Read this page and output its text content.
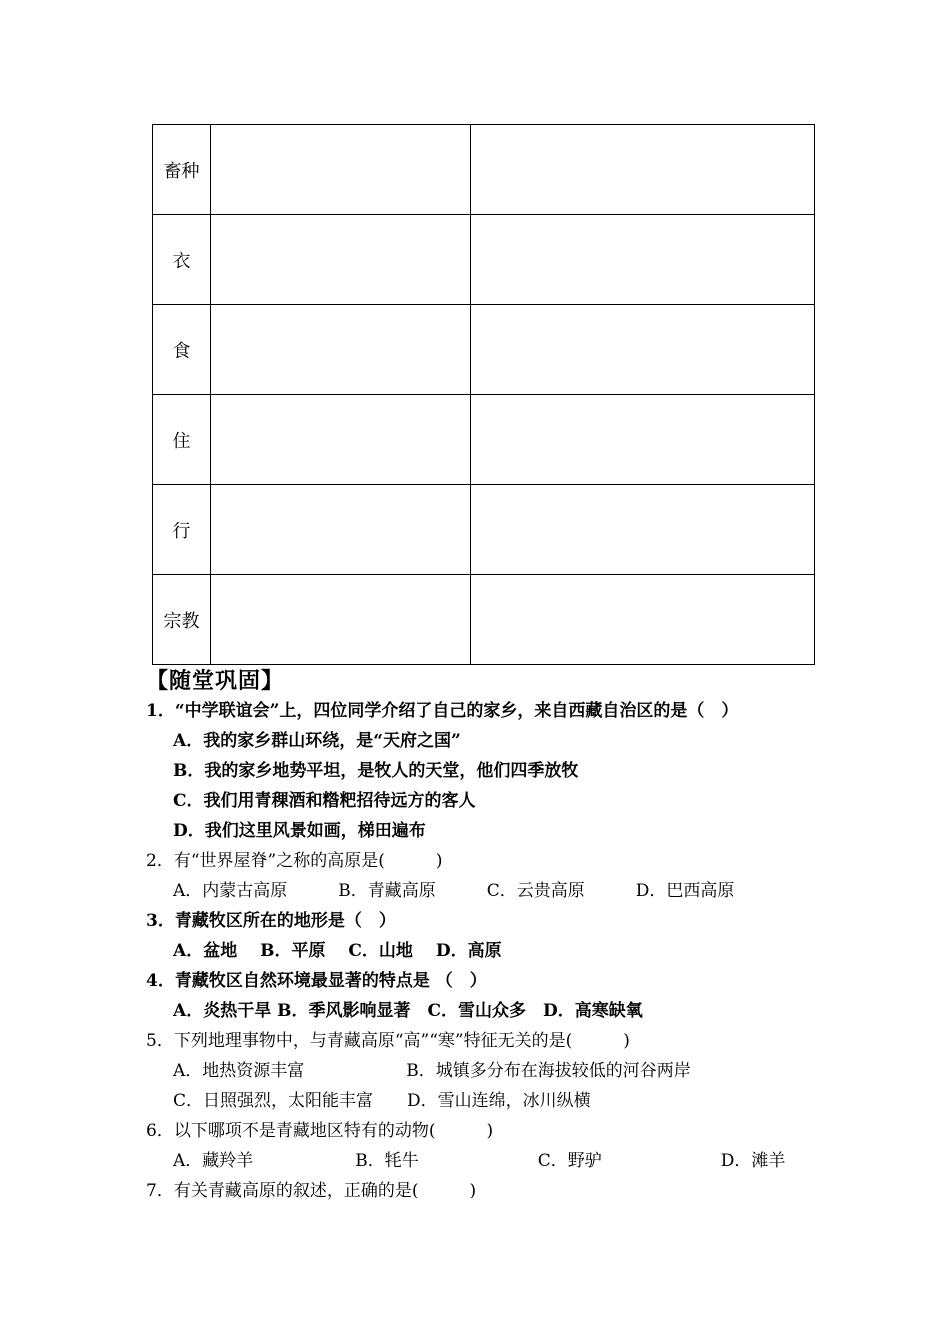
畜种		
衣		
食		
住		
行		
宗教		
【随堂巩固】
1．“中学联谊会”上，四位同学介绍了自己的家乡，来自西藏自治区的是（　）
A．我的家乡群山环绕，是“天府之国”
B．我的家乡地势平坦，是牧人的天堂，他们四季放牧
C．我们用青稞酒和糌粑招待远方的客人
D．我们这里风景如画，梯田遍布
2．有“世界屋脊”之称的高原是(　　　)
A．内蒙古高原　　　B．青藏高原　　　C．云贵高原　　　D．巴西高原
3．青藏牧区所在的地形是（　）
A．盆地　 B．平原　 C．山地　 D．高原
4．青藏牧区自然环境最显著的特点是 （　）
A．炎热干旱 B．季风影响显著　C．雪山众多　D．高寒缺氧
5．下列地理事物中，与青藏高原“高”“寒”特征无关的是(　　　)
A．地热资源丰富　　　　　　B．城镇多分布在海拔较低的河谷两岸
C．日照强烈，太阳能丰富　　D．雪山连绵，冰川纵横
6．以下哪项不是青藏地区特有的动物(　　　)
A．藏羚羊　　　　　　B．牦牛　　　　　　　C．野驴　　　　　　　D．滩羊
7．有关青藏高原的叙述，正确的是(　　　)
